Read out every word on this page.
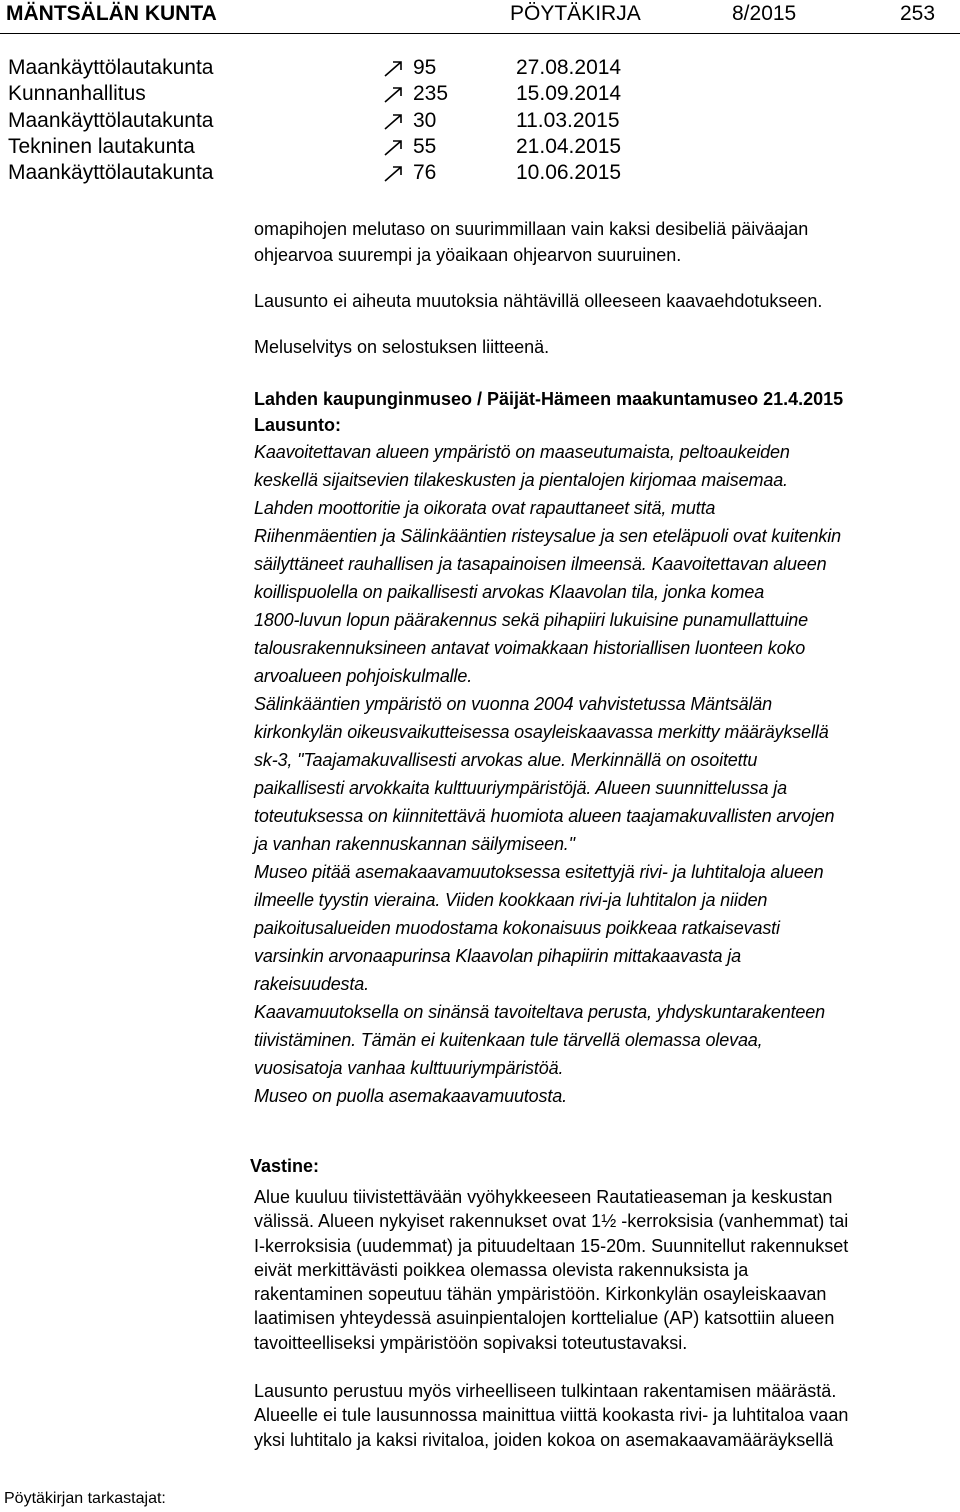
MÄNTSÄLÄN KUNTA	PÖYTÄKIRJA	8/2015	253
Maankäyttölautakunta	95	27.08.2014
Kunnanhallitus	235	15.09.2014
Maankäyttölautakunta	30	11.03.2015
Tekninen lautakunta	55	21.04.2015
Maankäyttölautakunta	76	10.06.2015

omapihojen melutaso on suurimmillaan vain kaksi desibeliä päiväajan

ohjearvoa suurempi ja yöaikaan ohjearvon suuruinen.

Lausunto ei aiheuta muutoksia nähtävillä olleeseen kaavaehdotukseen.

Meluselvitys on selostuksen liitteenä.

Lahden kaupunginmuseo / Päijät-Hämeen maakuntamuseo 21.4.2015

Lausunto:

Kaavoitettavan alueen ympäristö on maaseutumaista, peltoaukeiden

keskellä sijaitsevien tilakeskusten ja pientalojen kirjomaa maisemaa.

Lahden moottoritie ja oikorata ovat rapauttaneet sitä, mutta

Riihenmäentien ja Sälinkääntien risteysalue ja sen eteläpuoli ovat kuitenkin

säilyttäneet rauhallisen ja tasapainoisen ilmeensä. Kaavoitettavan alueen

koillispuolella on paikallisesti arvokas Klaavolan tila, jonka komea

1800-luvun lopun päärakennus sekä pihapiiri lukuisine punamullattuine

talousrakennuksineen antavat voimakkaan historiallisen luonteen koko

arvoalueen pohjoiskulmalle.

Sälinkääntien ympäristö on vuonna 2004 vahvistetussa Mäntsälän

kirkonkylän oikeusvaikutteisessa osayleiskaavassa merkitty määräyksellä

sk-3, "Taajamakuvallisesti arvokas alue. Merkinnällä on osoitettu

paikallisesti arvokkaita kulttuuriympäristöjä. Alueen suunnittelussa ja

toteutuksessa on kiinnitettävä huomiota alueen taajamakuvallisten arvojen

ja vanhan rakennuskannan säilymiseen."

Museo pitää asemakaavamuutoksessa esitettyjä rivi- ja luhtitaloja alueen

ilmeelle tyystin vieraina. Viiden kookkaan rivi-ja luhtitalon ja niiden

paikoitusalueiden muodostama kokonaisuus poikkeaa ratkaisevasti

varsinkin arvonaapurinsa Klaavolan pihapiirin mittakaavasta ja

rakeisuudesta.

Kaavamuutoksella on sinänsä tavoiteltava perusta, yhdyskuntarakenteen

tiivistäminen. Tämän ei kuitenkaan tule tärvellä olemassa olevaa,

vuosisatoja vanhaa kulttuuriympäristöä.

Museo on puolla asemakaavamuutosta.

Vastine:

Alue kuuluu tiivistettävään vyöhykkeeseen Rautatieaseman ja keskustan

välissä. Alueen nykyiset rakennukset ovat 1½ -kerroksisia (vanhemmat) tai

I-kerroksisia (uudemmat) ja pituudeltaan 15-20m. Suunnitellut rakennukset

eivät merkittävästi poikkea olemassa olevista rakennuksista ja

rakentaminen sopeutuu tähän ympäristöön. Kirkonkylän osayleiskaavan

laatimisen yhteydessä asuinpientalojen korttelialue (AP) katsottiin alueen

tavoitteelliseksi ympäristöön sopivaksi toteutustavaksi.

Lausunto perustuu myös virheelliseen tulkintaan rakentamisen määrästä.

Alueelle ei tule lausunnossa mainittua viittä kookasta rivi- ja luhtitaloa vaan

yksi luhtitalo ja kaksi rivitaloa, joiden kokoa on asemakaavamääräyksellä

Pöytäkirjan tarkastajat:
